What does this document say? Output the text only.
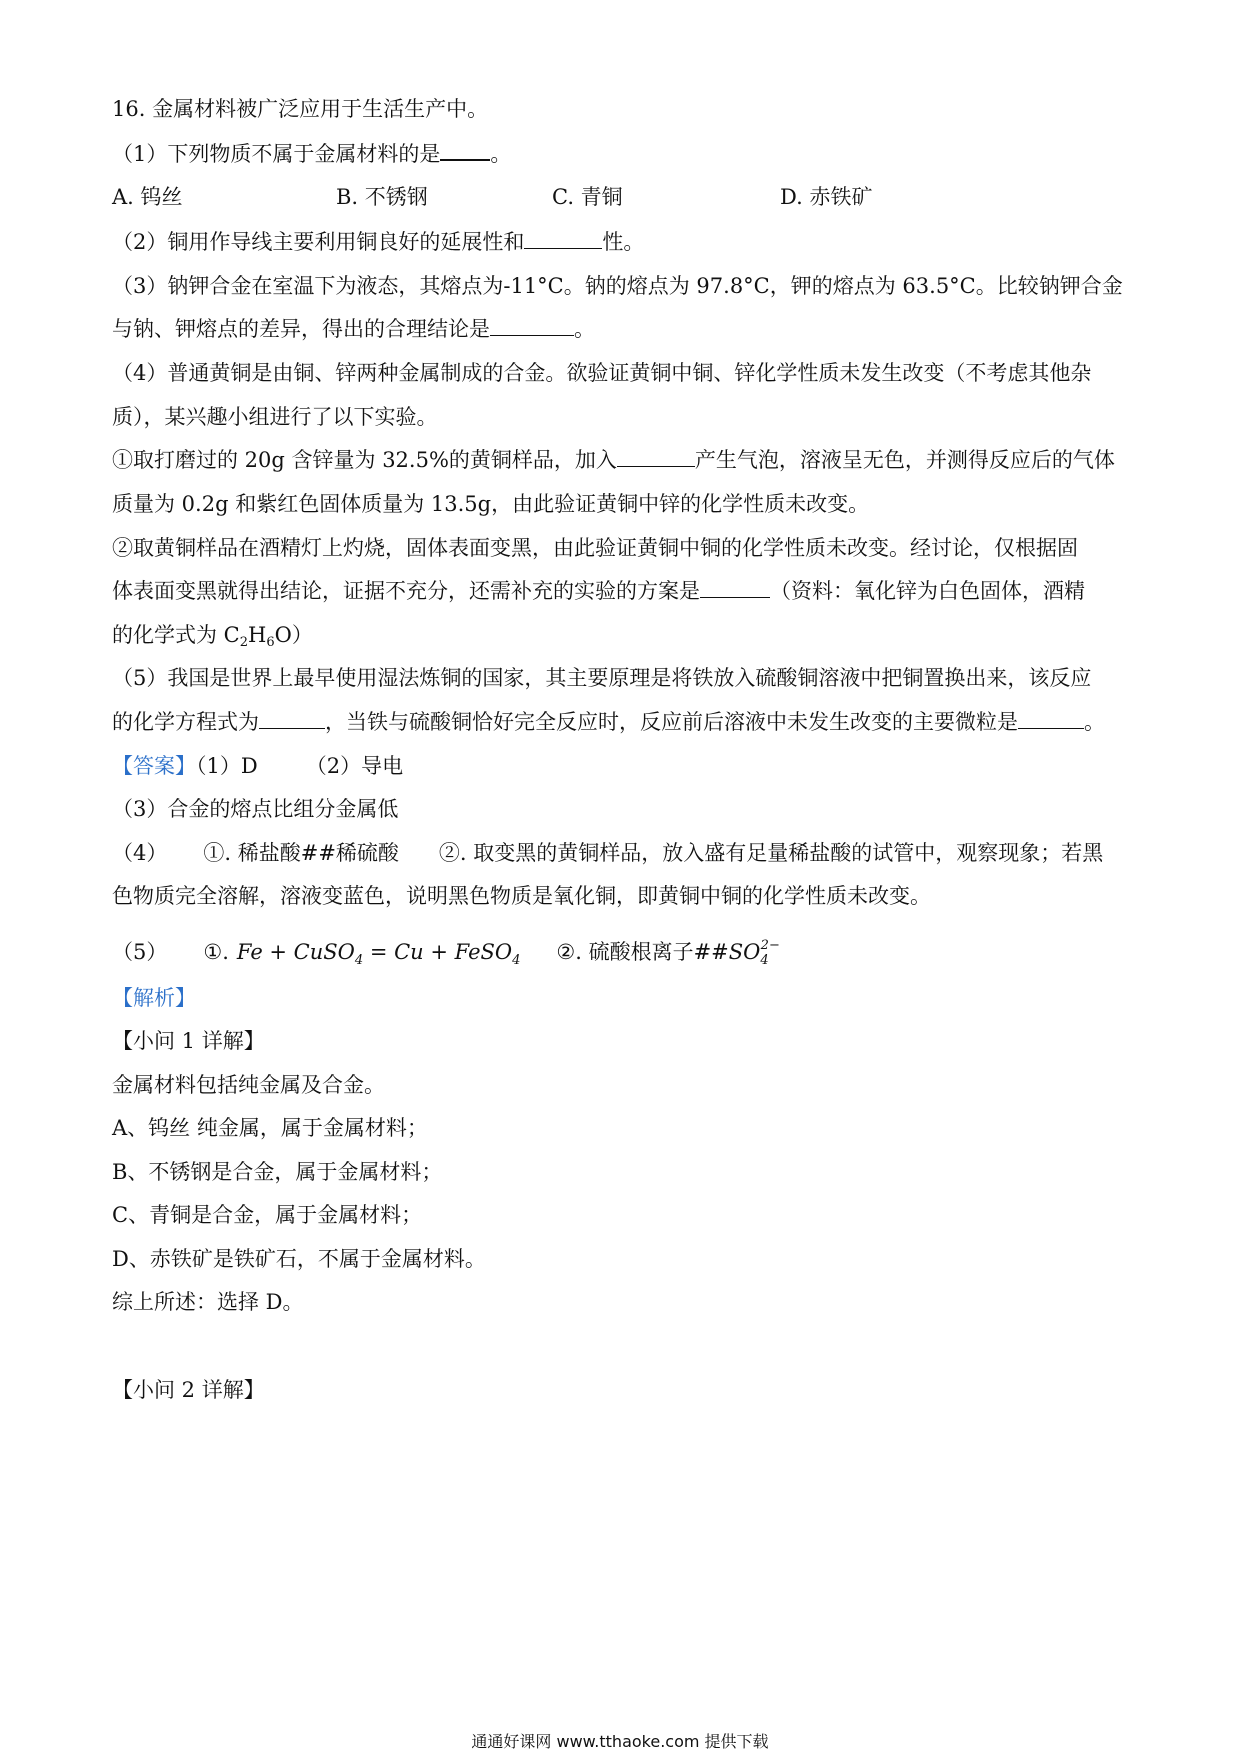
16. 金属材料被广泛应用于生活生产中。
（1）下列物质不属于金属材料的是 。
A. 钨丝	B. 不锈钢	C. 青铜	D. 赤铁矿
（2）铜用作导线主要利用铜良好的延展性和	性。
（3）钠钾合金在室温下为液态，其熔点为-11°C。钠的熔点为 97.8°C，钾的熔点为 63.5°C。比较钠钾合金
与钠、钾熔点的差异，得出的合理结论是	。
（4）普通黄铜是由铜、锌两种金属制成的合金。欲验证黄铜中铜、锌化学性质未发生改变（不考虑其他杂
质），某兴趣小组进行了以下实验。
①取打磨过的 20g 含锌量为 32.5%的黄铜样品，加入	产生气泡，溶液呈无色，并测得反应后的气体
质量为 0.2g 和紫红色固体质量为 13.5g，由此验证黄铜中锌的化学性质未改变。
②取黄铜样品在酒精灯上灼烧，固体表面变黑，由此验证黄铜中铜的化学性质未改变。经讨论，仅根据固
体表面变黑就得出结论，证据不充分，还需补充的实验的方案是	（资料：氧化锌为白色固体，酒精
的化学式为 C2H6O）
（5）我国是世界上最早使用湿法炼铜的国家，其主要原理是将铁放入硫酸铜溶液中把铜置换出来，该反应
的化学方程式为	，当铁与硫酸铜恰好完全反应时，反应前后溶液中未发生改变的主要微粒是	。
【答案】（1）D （2）导电
（3）合金的熔点比组分金属低
（4） ①. 稀盐酸##稀硫酸 ②. 取变黑的黄铜样品，放入盛有足量稀盐酸的试管中，观察现象；若黑
色物质完全溶解，溶液变蓝色，说明黑色物质是氧化铜，即黄铜中铜的化学性质未改变。
（5） ①. Fe + CuSO$_4$ = Cu + FeSO$_4$ ②. 硫酸根离子$\#\#SO_4^{2-}$
【解析】
【小问 1 详解】
金属材料包括纯金属及合金。
A、钨丝 纯金属，属于金属材料；
B、不锈钢是合金，属于金属材料；
C、青铜是合金，属于金属材料；
D、赤铁矿是铁矿石，不属于金属材料。
综上所述：选择 D。
【小问 2 详解】
通通好课网 www.tthaoke.com 提供下载
